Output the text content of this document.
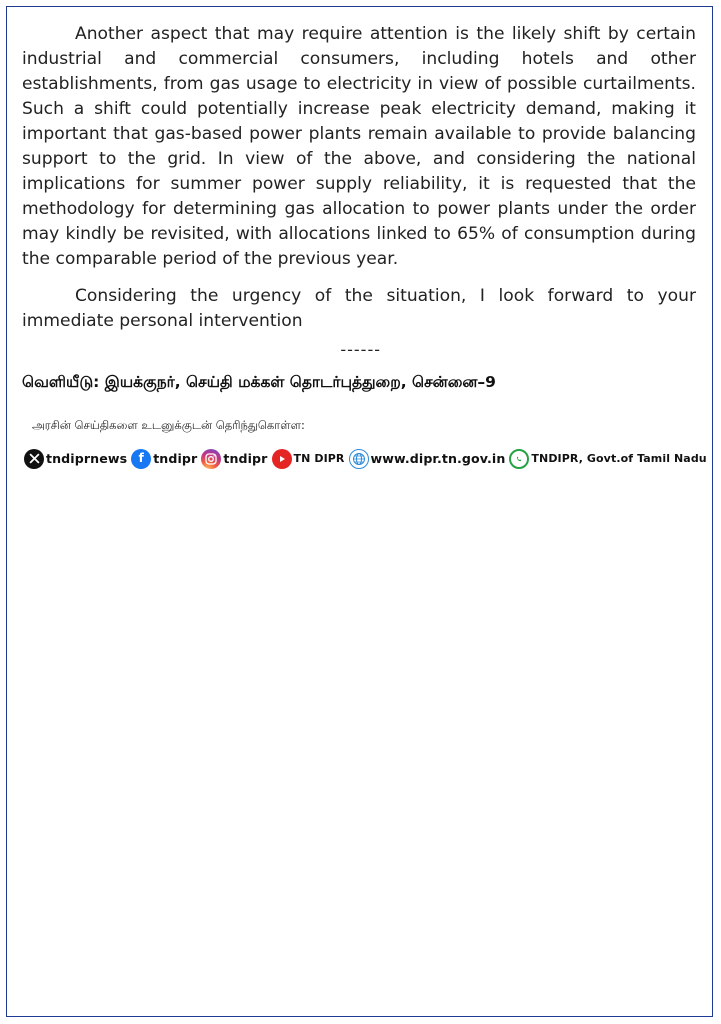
Another aspect that may require attention is the likely shift by certain industrial and commercial consumers, including hotels and other establishments, from gas usage to electricity in view of possible curtailments. Such a shift could potentially increase peak electricity demand, making it important that gas-based power plants remain available to provide balancing support to the grid. In view of the above, and considering the national implications for summer power supply reliability, it is requested that the methodology for determining gas allocation to power plants under the order may kindly be revisited, with allocations linked to 65% of consumption during the comparable period of the previous year.

Considering the urgency of the situation, I look forward to your immediate personal intervention

------
வெளியீடு: இயக்குநர், செய்தி மக்கள் தொடர்புத்துறை, சென்னை–9
அரசின் செய்திகளை உடனுக்குடன் தெரிந்துகொள்ள:
tndiprnews f tndipr tndipr TN DIPR www.dipr.tn.gov.in TNDIPR, Govt.of Tamil Nadu
